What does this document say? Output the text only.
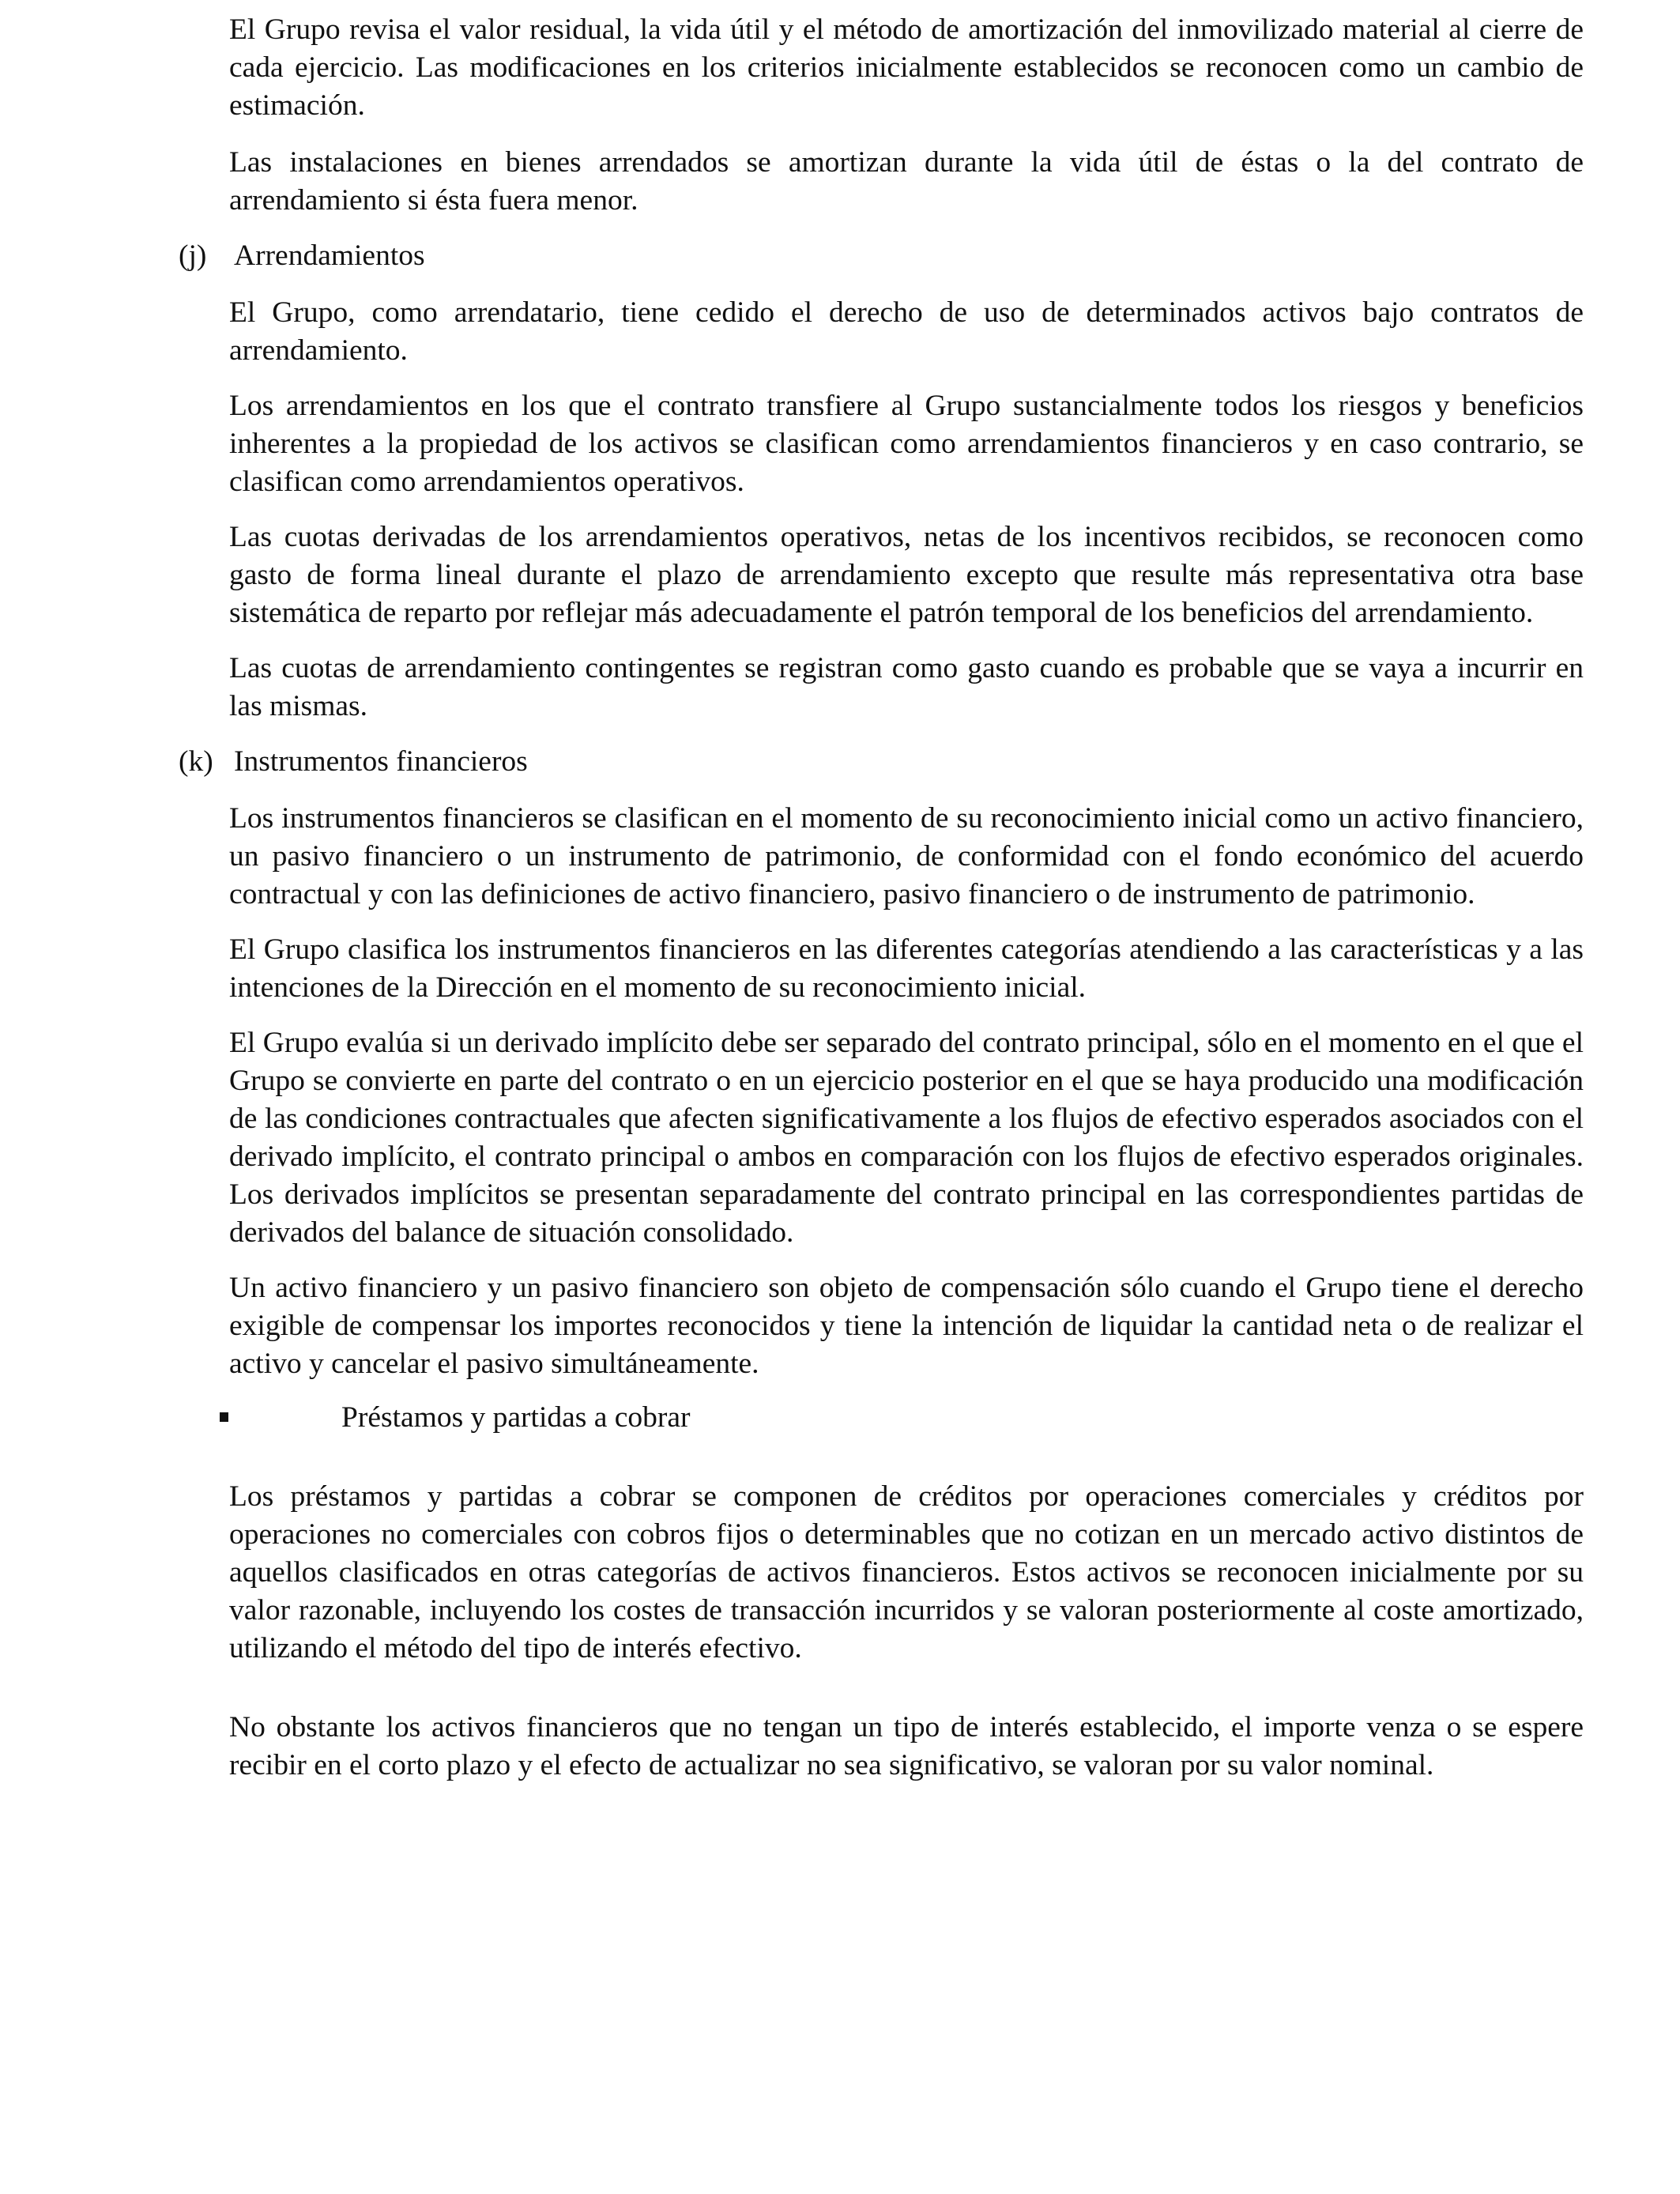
El Grupo revisa el valor residual, la vida útil y el método de amortización del inmovilizado material al cierre de cada ejercicio. Las modificaciones en los criterios inicialmente establecidos se reconocen como un cambio de estimación.

Las instalaciones en bienes arrendados se amortizan durante la vida útil de éstas o la del contrato de arrendamiento si ésta fuera menor.

(j) Arrendamientos

El Grupo, como arrendatario, tiene cedido el derecho de uso de determinados activos bajo contratos de arrendamiento.

Los arrendamientos en los que el contrato transfiere al Grupo sustancialmente todos los riesgos y beneficios inherentes a la propiedad de los activos se clasifican como arrendamientos financieros y en caso contrario, se clasifican como arrendamientos operativos.

Las cuotas derivadas de los arrendamientos operativos, netas de los incentivos recibidos, se reconocen como gasto de forma lineal durante el plazo de arrendamiento excepto que resulte más representativa otra base sistemática de reparto por reflejar más adecuadamente el patrón temporal de los beneficios del arrendamiento.

Las cuotas de arrendamiento contingentes se registran como gasto cuando es probable que se vaya a incurrir en las mismas.

(k) Instrumentos financieros

Los instrumentos financieros se clasifican en el momento de su reconocimiento inicial como un activo financiero, un pasivo financiero o un instrumento de patrimonio, de conformidad con el fondo económico del acuerdo contractual y con las definiciones de activo financiero, pasivo financiero o de instrumento de patrimonio.

El Grupo clasifica los instrumentos financieros en las diferentes categorías atendiendo a las características y a las intenciones de la Dirección en el momento de su reconocimiento inicial.

El Grupo evalúa si un derivado implícito debe ser separado del contrato principal, sólo en el momento en el que el Grupo se convierte en parte del contrato o en un ejercicio posterior en el que se haya producido una modificación de las condiciones contractuales que afecten significativamente a los flujos de efectivo esperados asociados con el derivado implícito, el contrato principal o ambos en comparación con los flujos de efectivo esperados originales. Los derivados implícitos se presentan separadamente del contrato principal en las correspondientes partidas de derivados del balance de situación consolidado.

Un activo financiero y un pasivo financiero son objeto de compensación sólo cuando el Grupo tiene el derecho exigible de compensar los importes reconocidos y tiene la intención de liquidar la cantidad neta o de realizar el activo y cancelar el pasivo simultáneamente.

Préstamos y partidas a cobrar

Los préstamos y partidas a cobrar se componen de créditos por operaciones comerciales y créditos por operaciones no comerciales con cobros fijos o determinables que no cotizan en un mercado activo distintos de aquellos clasificados en otras categorías de activos financieros. Estos activos se reconocen inicialmente por su valor razonable, incluyendo los costes de transacción incurridos y se valoran posteriormente al coste amortizado, utilizando el método del tipo de interés efectivo.

No obstante los activos financieros que no tengan un tipo de interés establecido, el importe venza o se espere recibir en el corto plazo y el efecto de actualizar no sea significativo, se valoran por su valor nominal.
